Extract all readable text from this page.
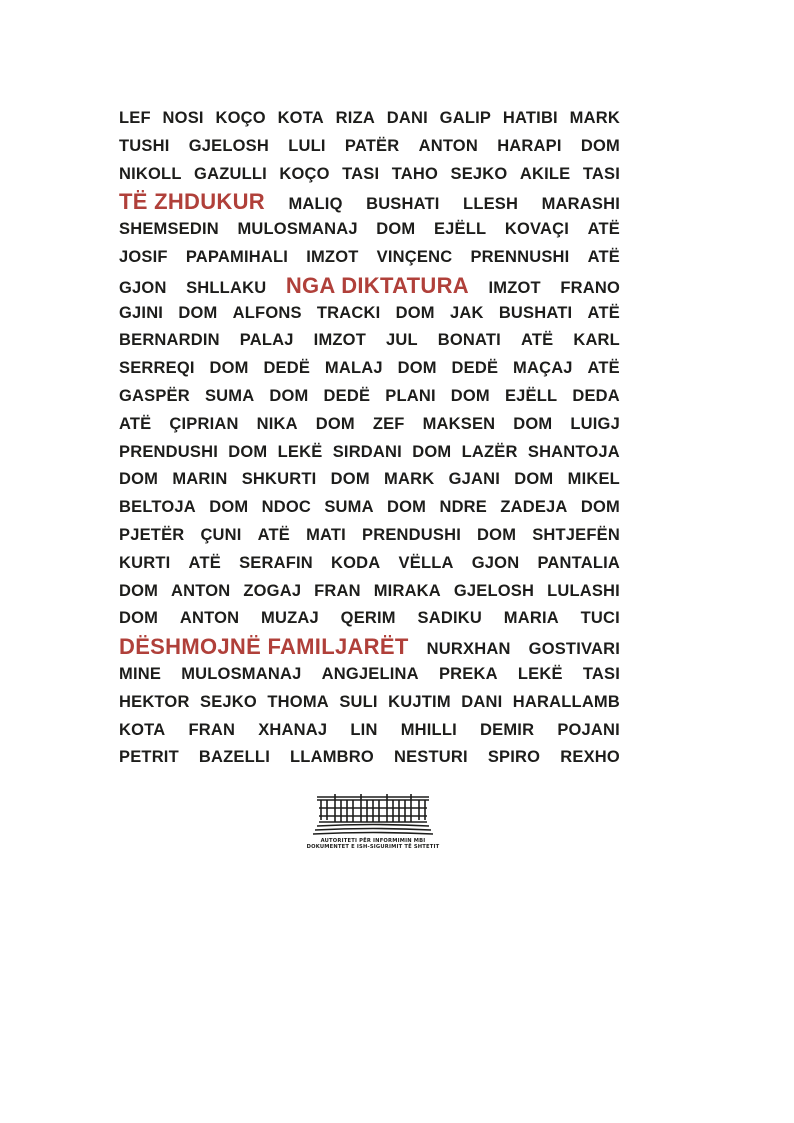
LEF NOSI KOÇO KOTA RIZA DANI GALIP HATIBI MARK
TUSHI GJELOSH LULI PATËR ANTON HARAPI DOM
NIKOLL GAZULLI KOÇO TASI TAHO SEJKO AKILE TASI
TË ZHDUKUR MALIQ BUSHATI LLESH MARASHI
SHEMSEDIN MULOSMANAJ DOM EJËLL KOVAÇI ATË
JOSIF PAPAMIHALI IMZOT VINÇENC PRENNUSHI ATË
GJON SHLLAKU NGA DIKTATURA IMZOT FRANO
GJINI DOM ALFONS TRACKI DOM JAK BUSHATI ATË
BERNARDIN PALAJ IMZOT JUL BONATI ATË KARL
SERREQI DOM DEDË MALAJ DOM DEDË MAÇAJ ATË
GASPËR SUMA DOM DEDË PLANI DOM EJËLL DEDA
ATË ÇIPRIAN NIKA DOM ZEF MAKSEN DOM LUIGJ
PRENDUSHI DOM LEKË SIRDANI DOM LAZËR SHANTOJA
DOM MARIN SHKURTI DOM MARK GJANI DOM MIKEL
BELTOJA DOM NDOC SUMA DOM NDRE ZADEJA DOM
PJETËR ÇUNI ATË MATI PRENDUSHI DOM SHTJEFËN
KURTI ATË SERAFIN KODA VËLLA GJON PANTALIA
DOM ANTON ZOGAJ FRAN MIRAKA GJELOSH LULASHI
DOM ANTON MUZAJ QERIM SADIKU MARIA TUCI
DËSHMOJNË FAMILJARËT NURXHAN GOSTIVARI
MINE MULOSMANAJ ANGJELINA PREKA LEKË TASI
HEKTOR SEJKO THOMA SULI KUJTIM DANI HARALLAMB
KOTA FRAN XHANAJ LIN MHILLI DEMIR POJANI
PETRIT BAZELLI LLAMBRO NESTURI SPIRO REXHO
AUTORITETI PËR INFORMIMIN MBI
DOKUMENTET E ISH-SIGURIMIT TË SHTETIT
